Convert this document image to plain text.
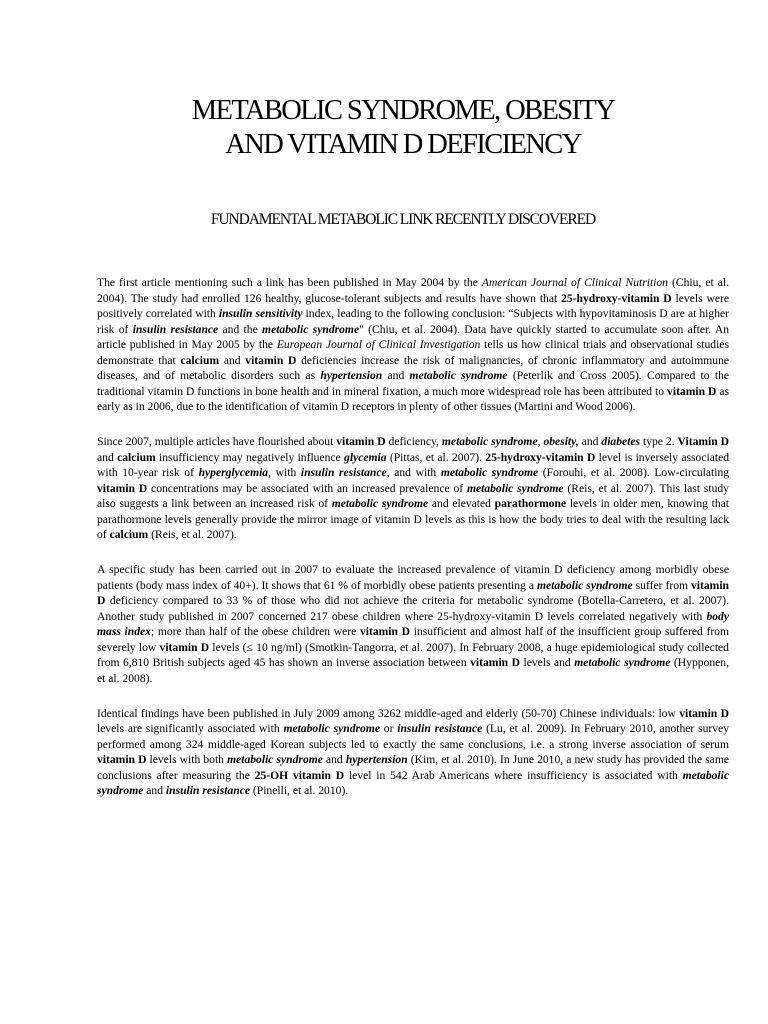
METABOLIC SYNDROME, OBESITY
AND VITAMIN D DEFICIENCY
FUNDAMENTAL METABOLIC LINK RECENTLY DISCOVERED

The first article mentioning such a link has been published in May 2004 by the American Journal of Clinical Nutrition (Chiu, et al. 2004). The study had enrolled 126 healthy, glucose-tolerant subjects and results have shown that 25-hydroxy-vitamin D levels were positively correlated with insulin sensitivity index, leading to the following conclusion: “Subjects with hypovitaminosis D are at higher risk of insulin resistance and the metabolic syndrome" (Chiu, et al. 2004). Data have quickly started to accumulate soon after. An article published in May 2005 by the European Journal of Clinical Investigation tells us how clinical trials and observational studies demonstrate that calcium and vitamin D deficiencies increase the risk of malignancies, of chronic inflammatory and autoimmune diseases, and of metabolic disorders such as hypertension and metabolic syndrome (Peterlik and Cross 2005). Compared to the traditional vitamin D functions in bone health and in mineral fixation, a much more widespread role has been attributed to vitamin D as early as in 2006, due to the identification of vitamin D receptors in plenty of other tissues (Martini and Wood 2006).

Since 2007, multiple articles have flourished about vitamin D deficiency, metabolic syndrome, obesity, and diabetes type 2. Vitamin D and calcium insufficiency may negatively influence glycemia (Pittas, et al. 2007). 25-hydroxy-vitamin D level is inversely associated with 10-year risk of hyperglycemia, with insulin resistance, and with metabolic syndrome (Forouhi, et al. 2008). Low-circulating vitamin D concentrations may be associated with an increased prevalence of metabolic syndrome (Reis, et al. 2007). This last study also suggests a link between an increased risk of metabolic syndrome and elevated parathormone levels in older men, knowing that parathormone levels generally provide the mirror image of vitamin D levels as this is how the body tries to deal with the resulting lack of calcium (Reis, et al. 2007).

A specific study has been carried out in 2007 to evaluate the increased prevalence of vitamin D deficiency among morbidly obese patients (body mass index of 40+). It shows that 61 % of morbidly obese patients presenting a metabolic syndrome suffer from vitamin D deficiency compared to 33 % of those who did not achieve the criteria for metabolic syndrome (Botella-Carretero, et al. 2007). Another study published in 2007 concerned 217 obese children where 25-hydroxy-vitamin D levels correlated negatively with body mass index; more than half of the obese children were vitamin D insufficient and almost half of the insufficient group suffered from severely low vitamin D levels (≤ 10 ng/ml) (Smotkin-Tangorra, et al. 2007). In February 2008, a huge epidemiological study collected from 6,810 British subjects aged 45 has shown an inverse association between vitamin D levels and metabolic syndrome (Hypponen, et al. 2008).

Identical findings have been published in July 2009 among 3262 middle-aged and elderly (50-70) Chinese individuals: low vitamin D levels are significantly associated with metabolic syndrome or insulin resistance (Lu, et al. 2009). In February 2010, another survey performed among 324 middle-aged Korean subjects led to exactly the same conclusions, i.e. a strong inverse association of serum vitamin D levels with both metabolic syndrome and hypertension (Kim, et al. 2010). In June 2010, a new study has provided the same conclusions after measuring the 25-OH vitamin D level in 542 Arab Americans where insufficiency is associated with metabolic syndrome and insulin resistance (Pinelli, et al. 2010).
